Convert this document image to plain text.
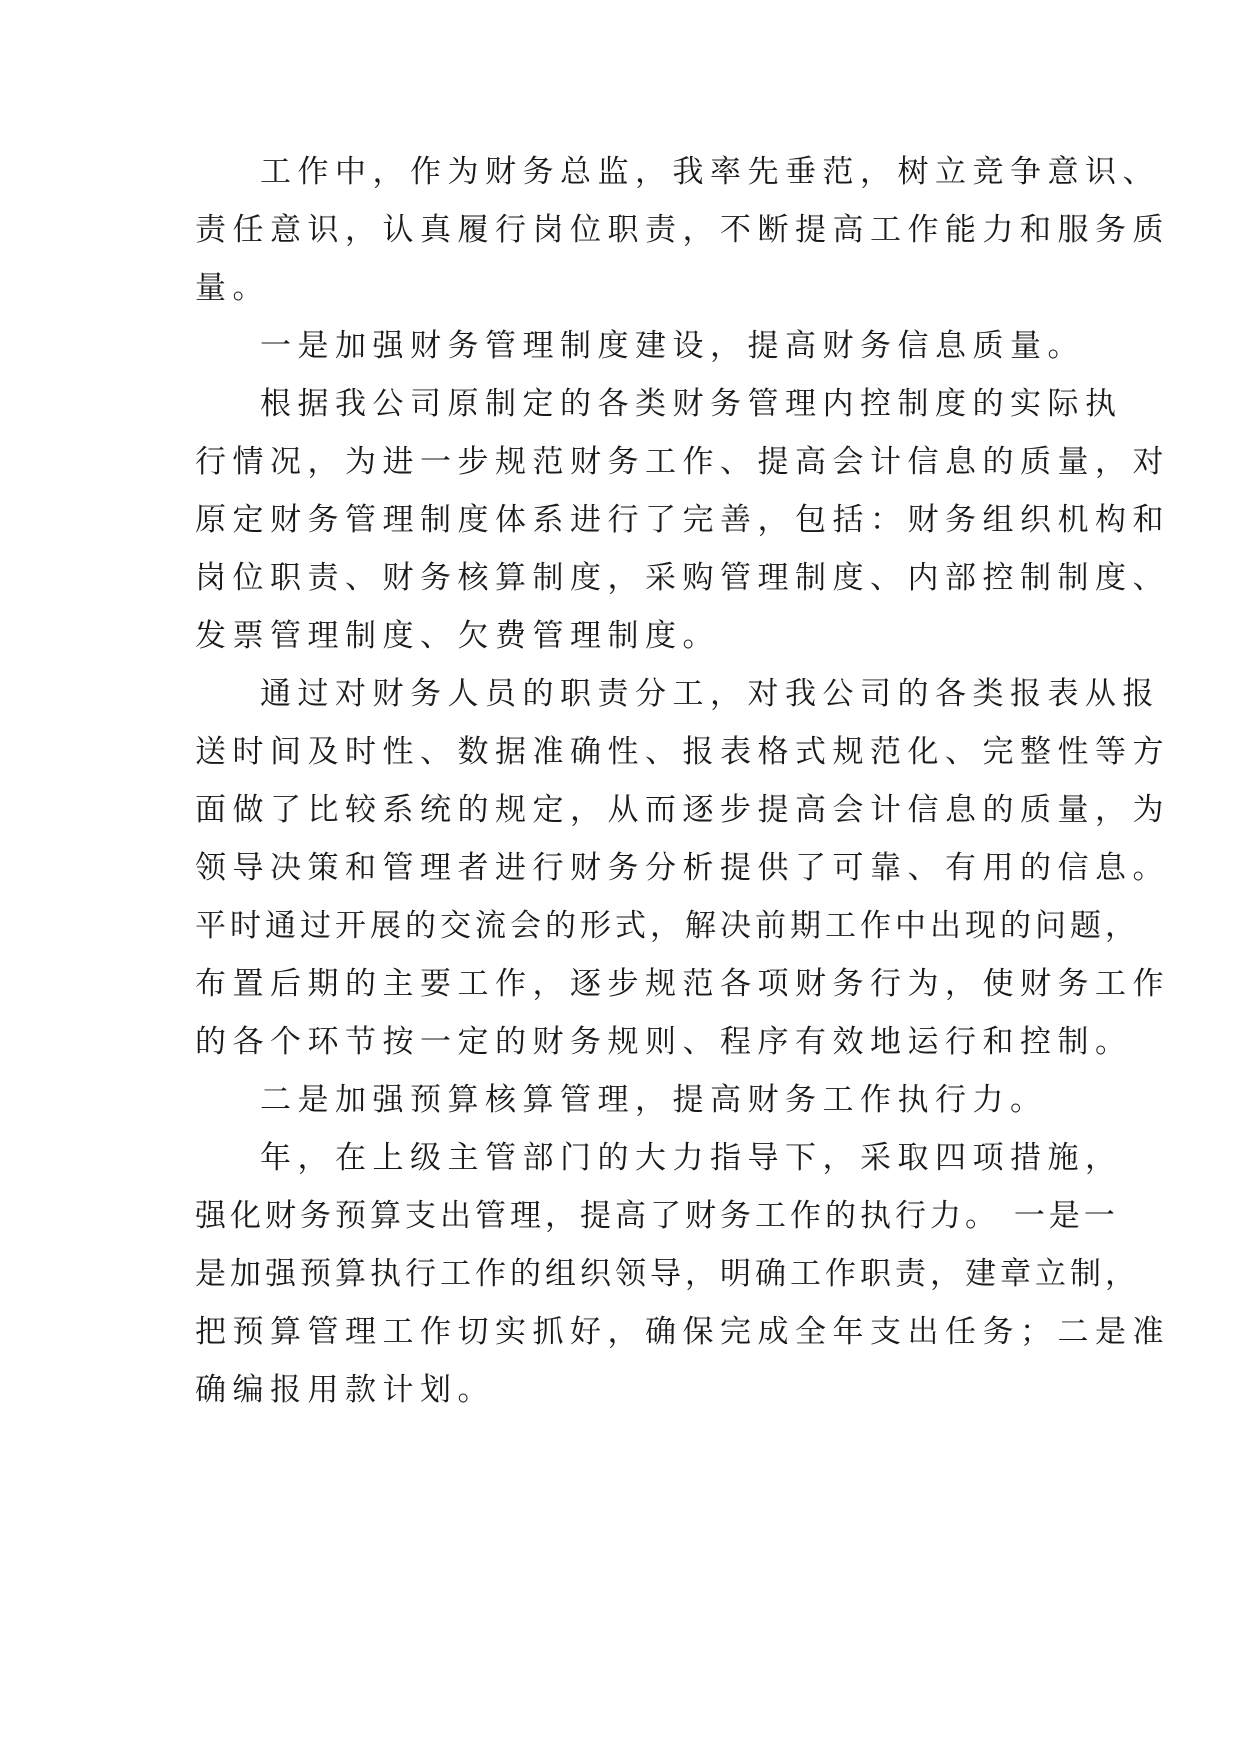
工作中，作为财务总监，我率先垂范，树立竞争意识、

责任意识，认真履行岗位职责，不断提高工作能力和服务质

量。

一是加强财务管理制度建设，提高财务信息质量。

根据我公司原制定的各类财务管理内控制度的实际执

行情况，为进一步规范财务工作、提高会计信息的质量，对

原定财务管理制度体系进行了完善，包括：财务组织机构和

岗位职责、财务核算制度，采购管理制度、内部控制制度、

发票管理制度、欠费管理制度。

通过对财务人员的职责分工，对我公司的各类报表从报

送时间及时性、数据准确性、报表格式规范化、完整性等方

面做了比较系统的规定，从而逐步提高会计信息的质量，为

领导决策和管理者进行财务分析提供了可靠、有用的信息。

平时通过开展的交流会的形式，解决前期工作中出现的问题，

布置后期的主要工作，逐步规范各项财务行为，使财务工作

的各个环节按一定的财务规则、程序有效地运行和控制。

二是加强预算核算管理，提高财务工作执行力。

年，在上级主管部门的大力指导下，采取四项措施，

强化财务预算支出管理，提高了财务工作的执行力。 一是一

是加强预算执行工作的组织领导，明确工作职责，建章立制，

把预算管理工作切实抓好，确保完成全年支出任务；二是准

确编报用款计划。
